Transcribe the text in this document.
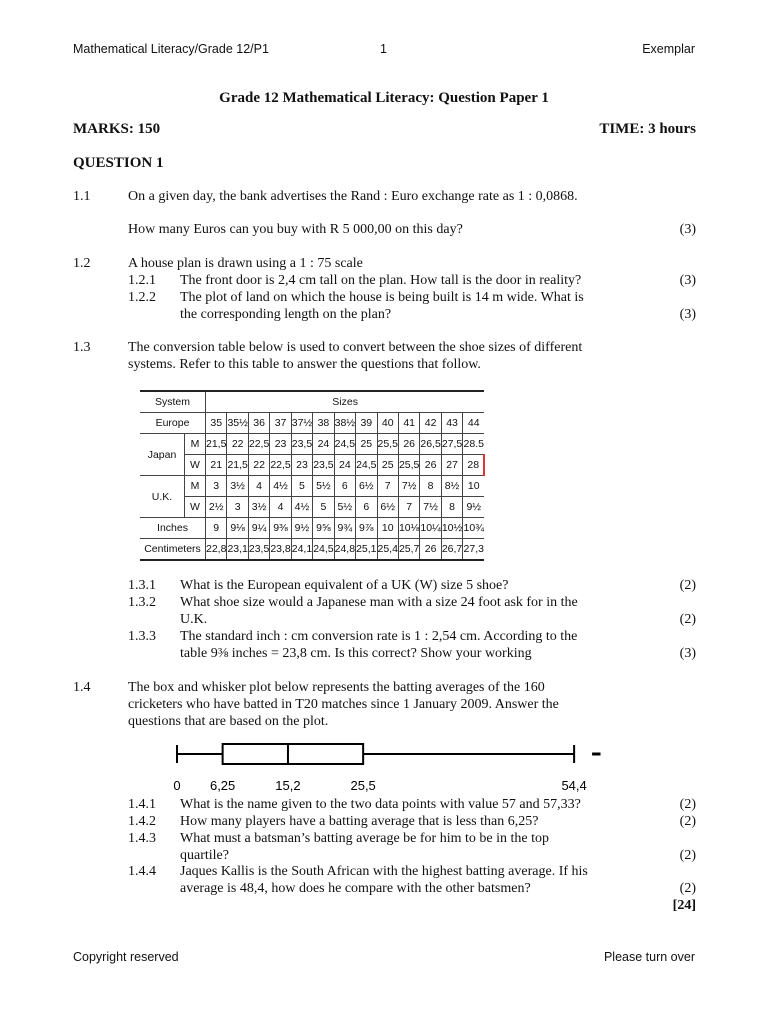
Mathematical Literacy/Grade 12/P1	1	Exemplar
Grade 12 Mathematical Literacy: Question Paper 1
MARKS: 150	TIME: 3 hours
QUESTION 1
1.1	On a given day, the bank advertises the Rand : Euro exchange rate as 1 : 0,0868.
How many Euros can you buy with R 5 000,00 on this day?	(3)
1.2	A house plan is drawn using a 1 : 75 scale
1.2.1 The front door is 2,4 cm tall on the plan. How tall is the door in reality?	(3)
1.2.2 The plot of land on which the house is being built is 14 m wide. What is
the corresponding length on the plan?	(3)
1.3	The conversion table below is used to convert between the shoe sizes of different
systems. Refer to this table to answer the questions that follow.
System		Sizes												
Europe		35	35½	36	37	37½	38	38½	39	40	41	42	43	44
Japan	M	21,5	22	22,5	23	23,5	24	24,5	25	25,5	26	26,5	27,5	28.5
	W	21	21,5	22	22,5	23	23,5	24	24,5	25	25,5	26	27	28
U.K.	M	3	3½	4	4½	5	5½	6	6½	7	7½	8	8½	10
	W	2½	3	3½	4	4½	5	5½	6	6½	7	7½	8	9½
Inches		9	9⅛	9¼	9⅜	9½	9⅝	9¾	9⅞	10	10⅛	10¼	10½	10¾
Centimeters		22,8	23,1	23,5	23,8	24,1	24,5	24,8	25,1	25,4	25,7	26	26,7	27,3
1.3.1 What is the European equivalent of a UK (W) size 5 shoe?	(2)
1.3.2 What shoe size would a Japanese man with a size 24 foot ask for in the
U.K.	(2)
1.3.3 The standard inch : cm conversion rate is 1 : 2,54 cm. According to the
table 9⅜ inches = 23,8 cm. Is this correct? Show your working	(3)
1.4	The box and whisker plot below represents the batting averages of the 160
cricketers who have batted in T20 matches since 1 January 2009. Answer the
questions that are based on the plot.
0 6,25	15,2	25,5	54,4
1.4.1 What is the name given to the two data points with value 57 and 57,33?	(2)
1.4.2 How many players have a batting average that is less than 6,25?	(2)
1.4.3 What must a batsman’s batting average be for him to be in the top
quartile?	(2)
1.4.4 Jaques Kallis is the South African with the highest batting average. If his
average is 48,4, how does he compare with the other batsmen?	(2)
[24]
Copyright reserved	Please turn over
